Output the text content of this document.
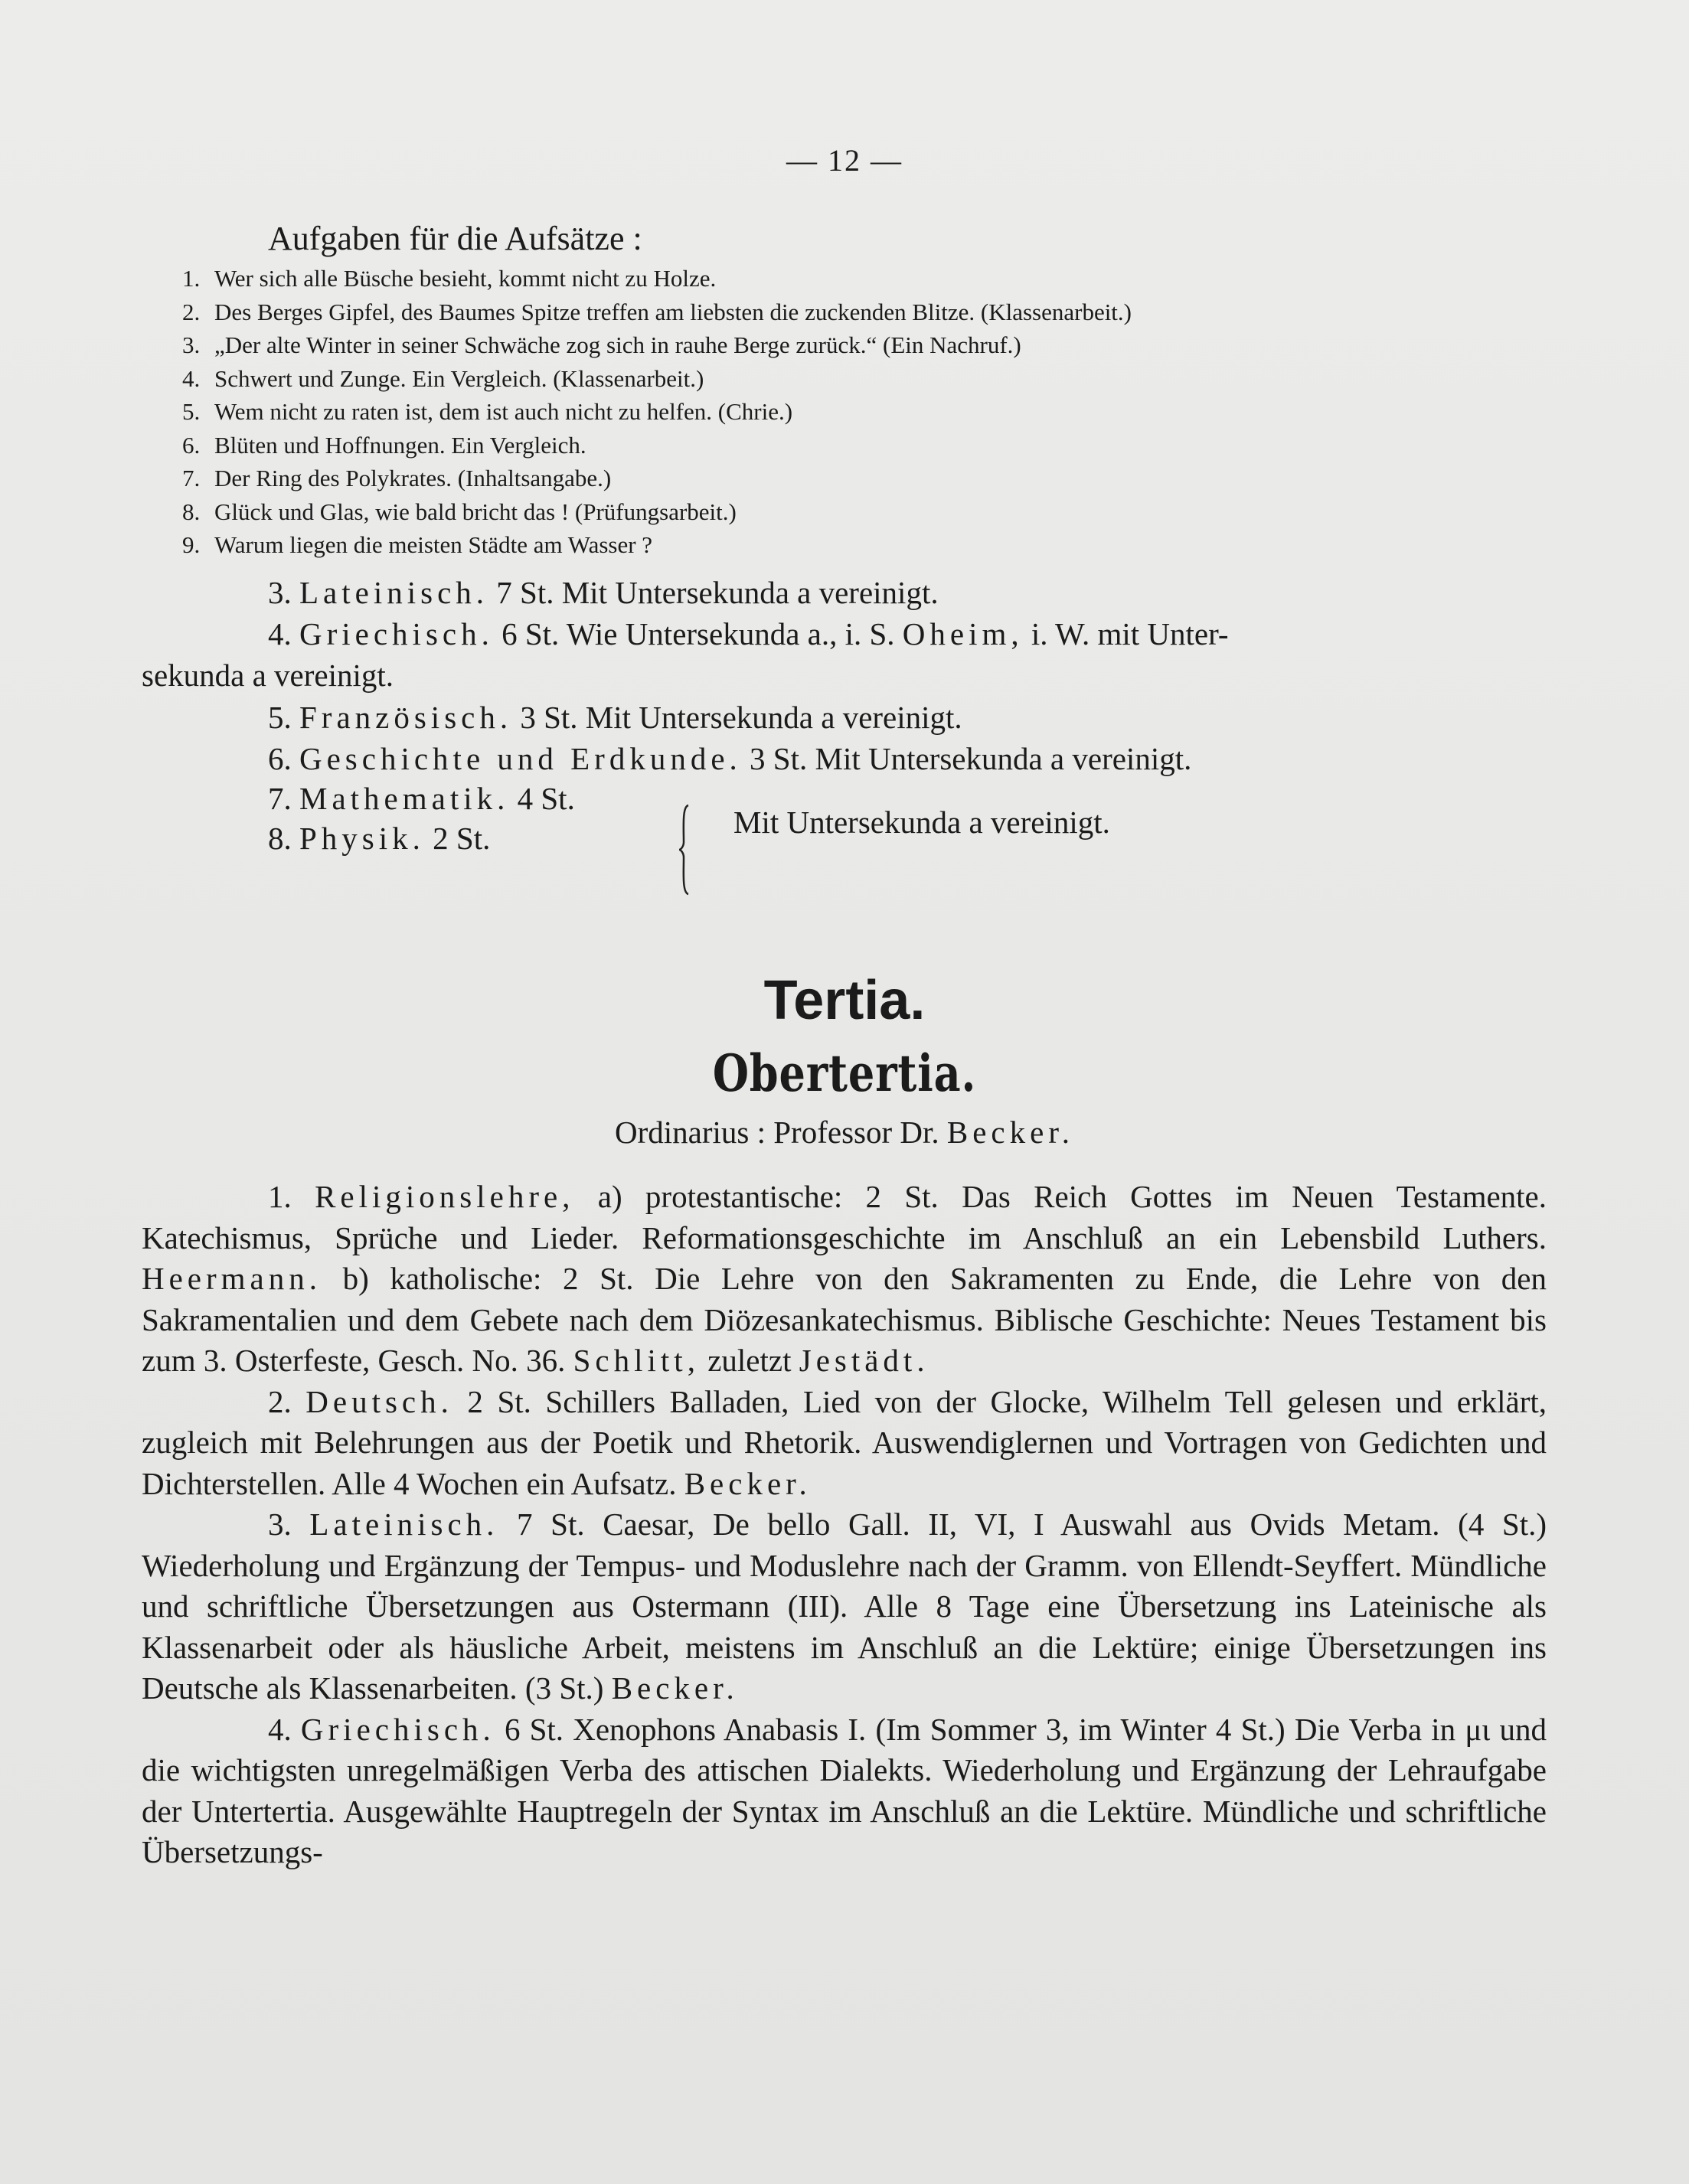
— 12 —
Aufgaben für die Aufsätze :
1. Wer sich alle Büsche besieht, kommt nicht zu Holze.
2. Des Berges Gipfel, des Baumes Spitze treffen am liebsten die zuckenden Blitze. (Klassenarbeit.)
3. „Der alte Winter in seiner Schwäche zog sich in rauhe Berge zurück.“ (Ein Nachruf.)
4. Schwert und Zunge. Ein Vergleich. (Klassenarbeit.)
5. Wem nicht zu raten ist, dem ist auch nicht zu helfen. (Chrie.)
6. Blüten und Hoffnungen. Ein Vergleich.
7. Der Ring des Polykrates. (Inhaltsangabe.)
8. Glück und Glas, wie bald bricht das ! (Prüfungsarbeit.)
9. Warum liegen die meisten Städte am Wasser ?
3. Lateinisch. 7 St. Mit Untersekunda a vereinigt.
4. Griechisch. 6 St. Wie Untersekunda a., i. S. Oheim, i. W. mit Unter-
sekunda a vereinigt.
5. Französisch. 3 St. Mit Untersekunda a vereinigt.
6. Geschichte und Erdkunde. 3 St. Mit Untersekunda a vereinigt.
7. Mathematik. 4 St.
8. Physik. 2 St.	Mit Untersekunda a vereinigt.
Tertia.
Obertertia.
Ordinarius : Professor Dr. Becker.

1. Religionslehre, a) protestantische: 2 St. Das Reich Gottes im Neuen Testamente. Katechismus, Sprüche und Lieder. Reformationsgeschichte im Anschluß an ein Lebensbild Luthers. Heermann. b) katholische: 2 St. Die Lehre von den Sakramenten zu Ende, die Lehre von den Sakramentalien und dem Gebete nach dem Diözesankatechismus. Biblische Geschichte: Neues Testament bis zum 3. Osterfeste, Gesch. No. 36. Schlitt, zuletzt Jestädt.

2. Deutsch. 2 St. Schillers Balladen, Lied von der Glocke, Wilhelm Tell gelesen und erklärt, zugleich mit Belehrungen aus der Poetik und Rhetorik. Auswendiglernen und Vortragen von Gedichten und Dichterstellen. Alle 4 Wochen ein Aufsatz. Becker.

3. Lateinisch. 7 St. Caesar, De bello Gall. II, VI, I Auswahl aus Ovids Metam. (4 St.) Wiederholung und Ergänzung der Tempus- und Moduslehre nach der Gramm. von Ellendt-Seyffert. Mündliche und schriftliche Übersetzungen aus Ostermann (III). Alle 8 Tage eine Übersetzung ins Lateinische als Klassenarbeit oder als häusliche Arbeit, meistens im Anschluß an die Lektüre; einige Übersetzungen ins Deutsche als Klassenarbeiten. (3 St.) Becker.

4. Griechisch. 6 St. Xenophons Anabasis I. (Im Sommer 3, im Winter 4 St.) Die Verba in μι und die wichtigsten unregelmäßigen Verba des attischen Dialekts. Wiederholung und Ergänzung der Lehraufgabe der Untertertia. Ausgewählte Hauptregeln der Syntax im Anschluß an die Lektüre. Mündliche und schriftliche Übersetzungs-
